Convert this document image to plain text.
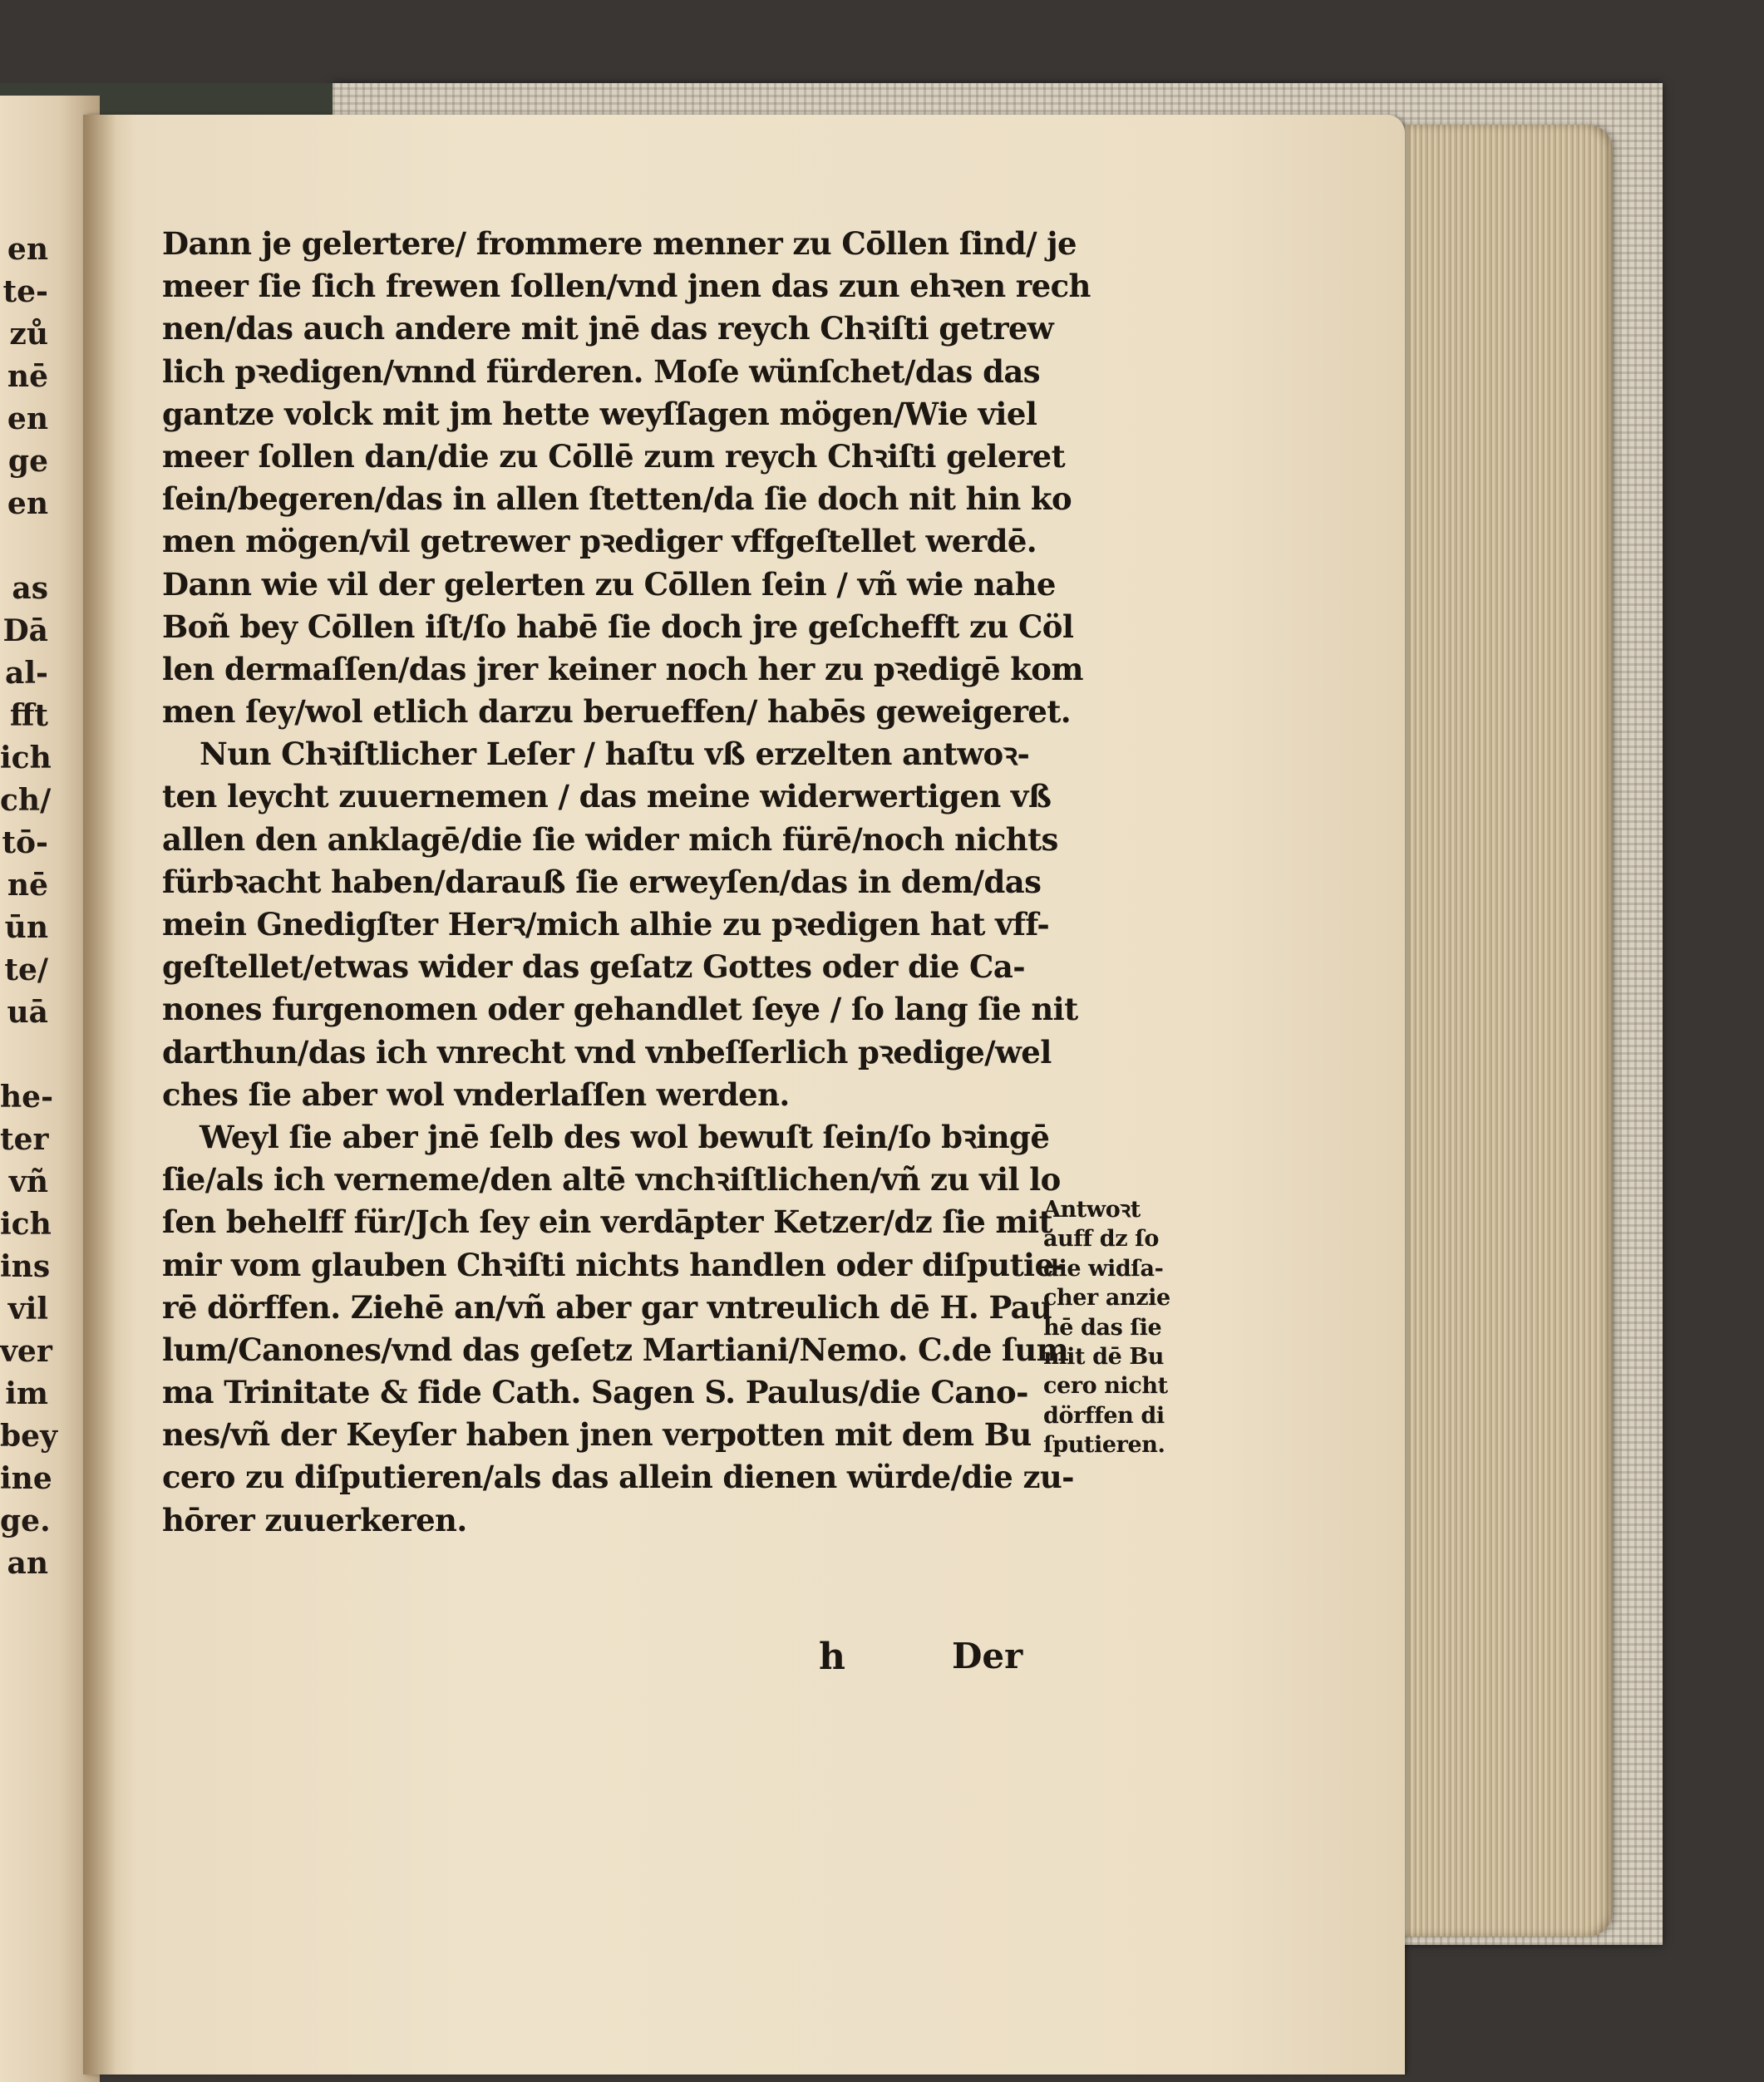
en
te-
zů
nē
en
ge
en
as
Dā
al-
fft
ich
ch/
tō-
nē
ūn
te/
uā
he-
ter
vñ
ich
ins
vil
ver
im
bey
ine
ge.
an
Dann je gelertere/ frommere menner zu Cōllen ſind/ je
meer ſie ſich frewen ſollen/vnd jnen das zun ehꝛen rech
nen/das auch andere mit jnē das reych Chꝛiſti getrew
lich pꝛedigen/vnnd fürderen. Moſe wünſchet/das das
gantze volck mit jm hette weyſſagen mögen/Wie viel
meer ſollen dan/die zu Cōllē zum reych Chꝛiſti geleret
ſein/begeren/das in allen ſtetten/da ſie doch nit hin ko
men mögen/vil getrewer pꝛediger vffgeſtellet werdē.
Dann wie vil der gelerten zu Cōllen ſein / vñ wie nahe
Boñ bey Cōllen iſt/ſo habē ſie doch jre geſchefft zu Cöl
len dermaſſen/das jrer keiner noch her zu pꝛedigē kom
men ſey/wol etlich darzu berueffen/ habēs geweigeret.
Nun Chꝛiſtlicher Leſer / haſtu vß erzelten antwoꝛ-
ten leycht zuuernemen / das meine widerwertigen vß
allen den anklagē/die ſie wider mich fürē/noch nichts
fürbꝛacht haben/darauß ſie erweyſen/das in dem/das
mein Gnedigſter Herꝛ/mich alhie zu pꝛedigen hat vff-
geſtellet/etwas wider das geſatz Gottes oder die Ca-
nones furgenomen oder gehandlet ſeye / ſo lang ſie nit
darthun/das ich vnrecht vnd vnbeſſerlich pꝛedige/wel
ches ſie aber wol vnderlaſſen werden.
Weyl ſie aber jnē ſelb des wol bewuſt ſein/ſo bꝛingē
ſie/als ich verneme/den altē vnchꝛiſtlichen/vñ zu vil lo
ſen behelff für/Jch ſey ein verdāpter Ketzer/dz ſie mit
mir vom glauben Chꝛiſti nichts handlen oder diſputie-
rē dörffen. Ziehē an/vñ aber gar vntreulich dē H. Pau
lum/Canones/vnd das geſetz Martiani/Nemo. C.de ſum
ma Trinitate & fide Cath. Sagen S. Paulus/die Cano-
nes/vñ der Keyſer haben jnen verpotten mit dem Bu
cero zu diſputieren/als das allein dienen würde/die zu-
hōrer zuuerkeren.
Antwoꝛt
auff dz ſo
die widſa-
cher anzie
hē das ſie
mit dē Bu
cero nicht
dörffen di
ſputieren.
h	Der
